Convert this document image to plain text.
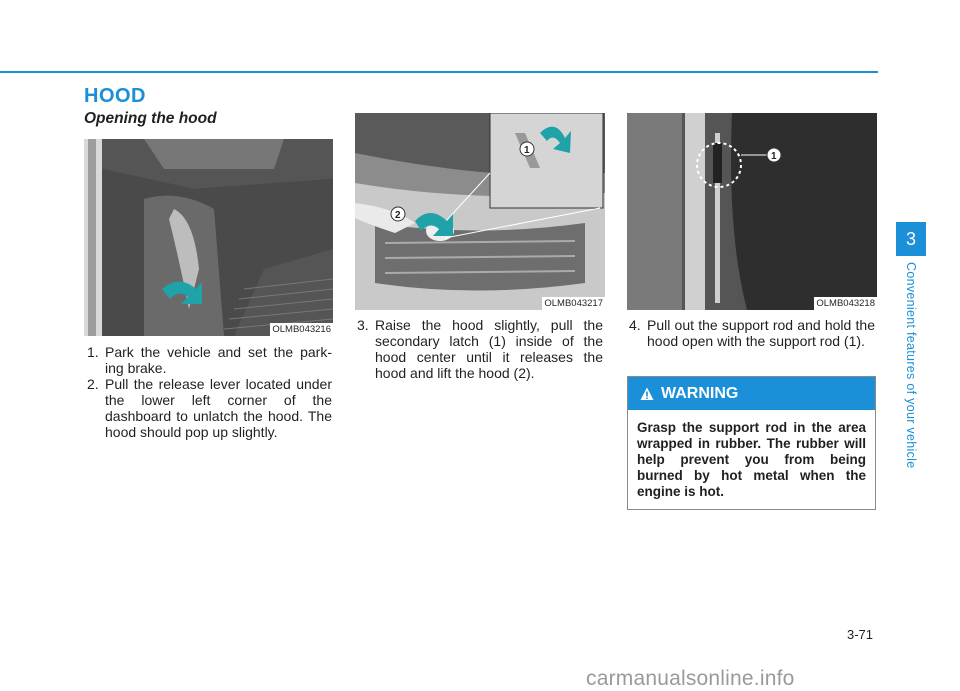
HOOD
Opening the hood
OLMB043216
1
2
OLMB043217
1
OLMB043218
1. Park the vehicle and set the park-ing brake.
2. Pull the release lever located under the lower left corner of the dashboard to unlatch the hood. The hood should pop up slightly.
3. Raise the hood slightly, pull the secondary latch (1) inside of the hood center until it releases the hood and lift the hood (2).
4. Pull out the support rod and hold the hood open with the support rod (1).
WARNING
Grasp the support rod in the area wrapped in rubber. The rubber will help prevent you from being burned by hot metal when the engine is hot.
3
Convenient features of your vehicle
3-71
carmanualsonline.info
